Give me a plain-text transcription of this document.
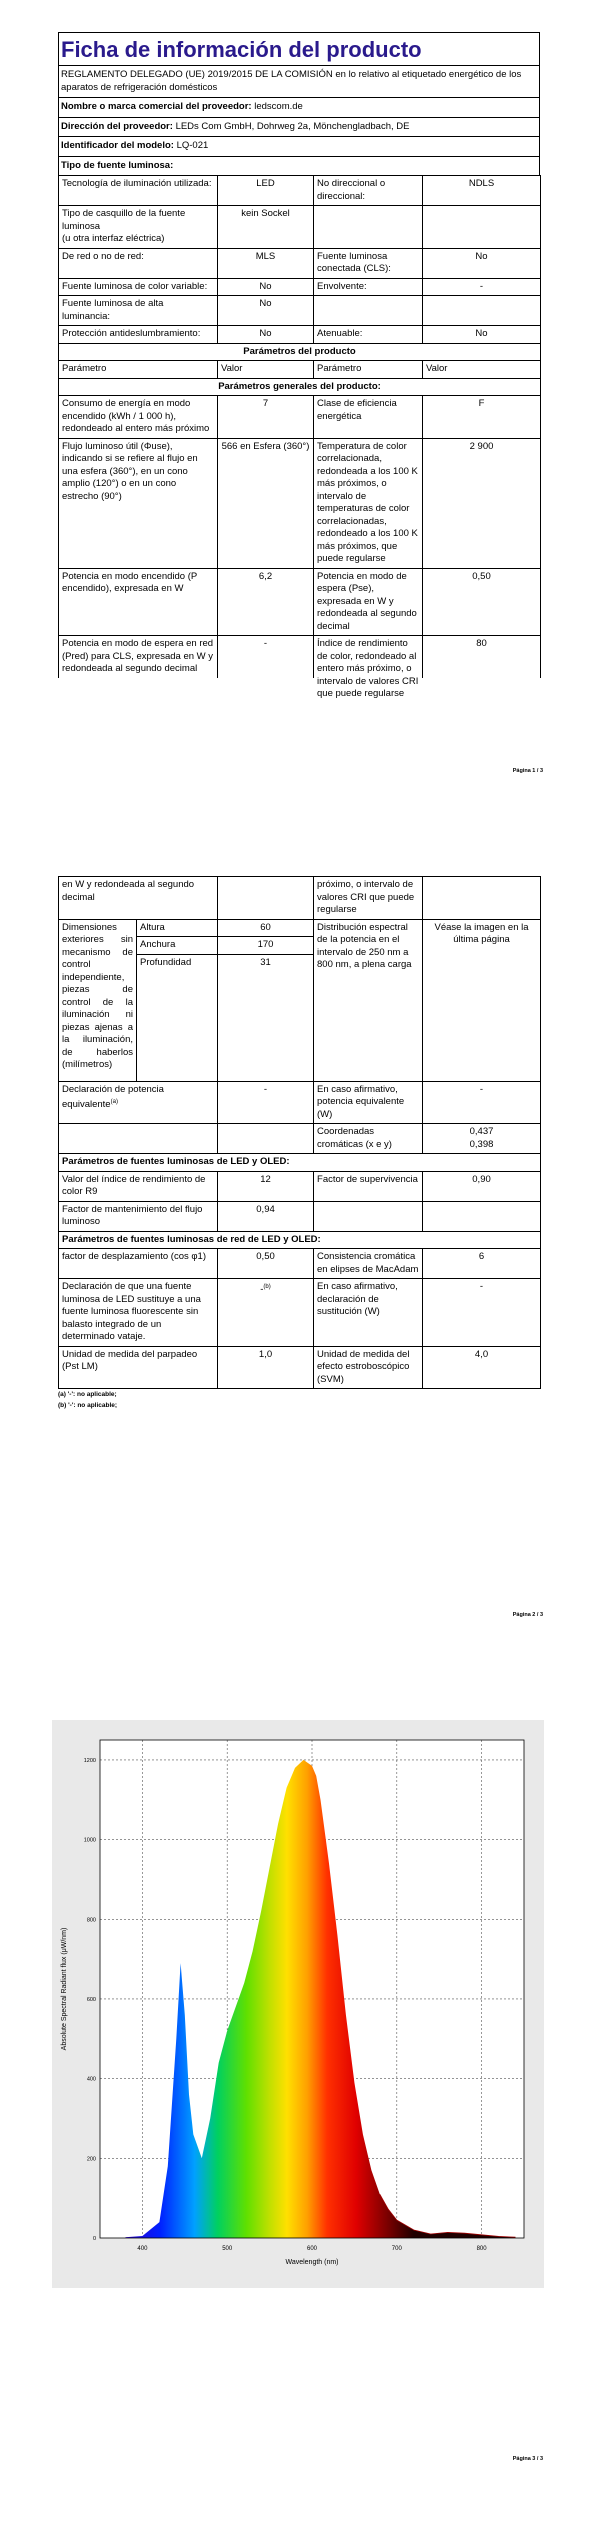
Ficha de información del producto
REGLAMENTO DELEGADO (UE) 2019/2015 DE LA COMISIÓN en lo relativo al etiquetado energético de los aparatos de refrigeración domésticos
Nombre o marca comercial del proveedor: ledscom.de
Dirección del proveedor: LEDs Com GmbH, Dohrweg 2a, Mönchengladbach, DE
Identificador del modelo: LQ-021
Tipo de fuente luminosa:
Tecnología de iluminación utilizada:	LED	No direccional o direccional:	NDLS
Tipo de casquillo de la fuente luminosa
(u otra interfaz eléctrica)	kein Sockel		
De red o no de red:	MLS	Fuente luminosa conectada (CLS):	No
Fuente luminosa de color variable:	No	Envolvente:	-
Fuente luminosa de alta luminancia:	No		
Protección antideslumbramiento:	No	Atenuable:	No
Parámetros del producto			
Parámetro	Valor	Parámetro	Valor
Parámetros generales del producto:			
Consumo de energía en modo encendido (kWh / 1 000 h), redondeado al entero más próximo	7	Clase de eficiencia energética	F
Flujo luminoso útil (Φuse), indicando si se refiere al flujo en una esfera (360°), en un cono amplio (120°) o en un cono estrecho (90°)	566 en Esfera (360°)	Temperatura de color correlacionada, redondeada a los 100 K más próximos, o intervalo de temperaturas de color correlacionadas, redondeado a los 100 K más próximos, que puede regularse	2 900
Potencia en modo encendido (P encendido), expresada en W	6,2	Potencia en modo de espera (Pse), expresada en W y redondeada al segundo decimal	0,50

Potencia en modo de espera en red (Pred) para CLS, expresada en W y redondeada al segundo decimal	-	Índice de rendimiento de color, redondeado al entero más próximo, o intervalo de valores CRI que puede regularse	80
Página 1 / 3
en W y redondeada al segundo decimal			próximo, o intervalo de valores CRI que puede regularse	
Dimensiones exteriores sin mecanismo de control independiente, piezas de control de la iluminación ni piezas ajenas a la iluminación, de haberlos (milímetros)	Altura	60	Distribución espectral de la potencia en el intervalo de 250 nm a 800 nm, a plena carga	Véase la imagen en la última página
	Anchura	170		
	Profundidad	31		
Declaración de potencia equivalente$^{(a)}$		-	En caso afirmativo, potencia equivalente (W)	-
			Coordenadas cromáticas (x e y)	0,437
0,398

Parámetros de fuentes luminosas de LED y OLED:				
Valor del índice de rendimiento de color R9		12	Factor de supervivencia	0,90
Factor de mantenimiento del flujo luminoso		0,94		
Parámetros de fuentes luminosas de red de LED y OLED:				
factor de desplazamiento (cos φ1)		0,50	Consistencia cromática en elipses de MacAdam	6
Declaración de que una fuente luminosa de LED sustituye a una fuente luminosa fluorescente sin balasto integrado de un determinado vataje.		-$^{(b)}$	En caso afirmativo, declaración de sustitución (W)	-
Unidad de medida del parpadeo (Pst LM)		1,0	Unidad de medida del efecto estroboscópico (SVM)	4,0
(a) '-': no aplicable;
(b) '-': no aplicable;
Página 2 / 3
400	500	600	700	800
0
200
400
600
800
1000
1200
Wavelength (nm)
Absolute Spectral Radiant flux (μW/nm)
Página 3 / 3
